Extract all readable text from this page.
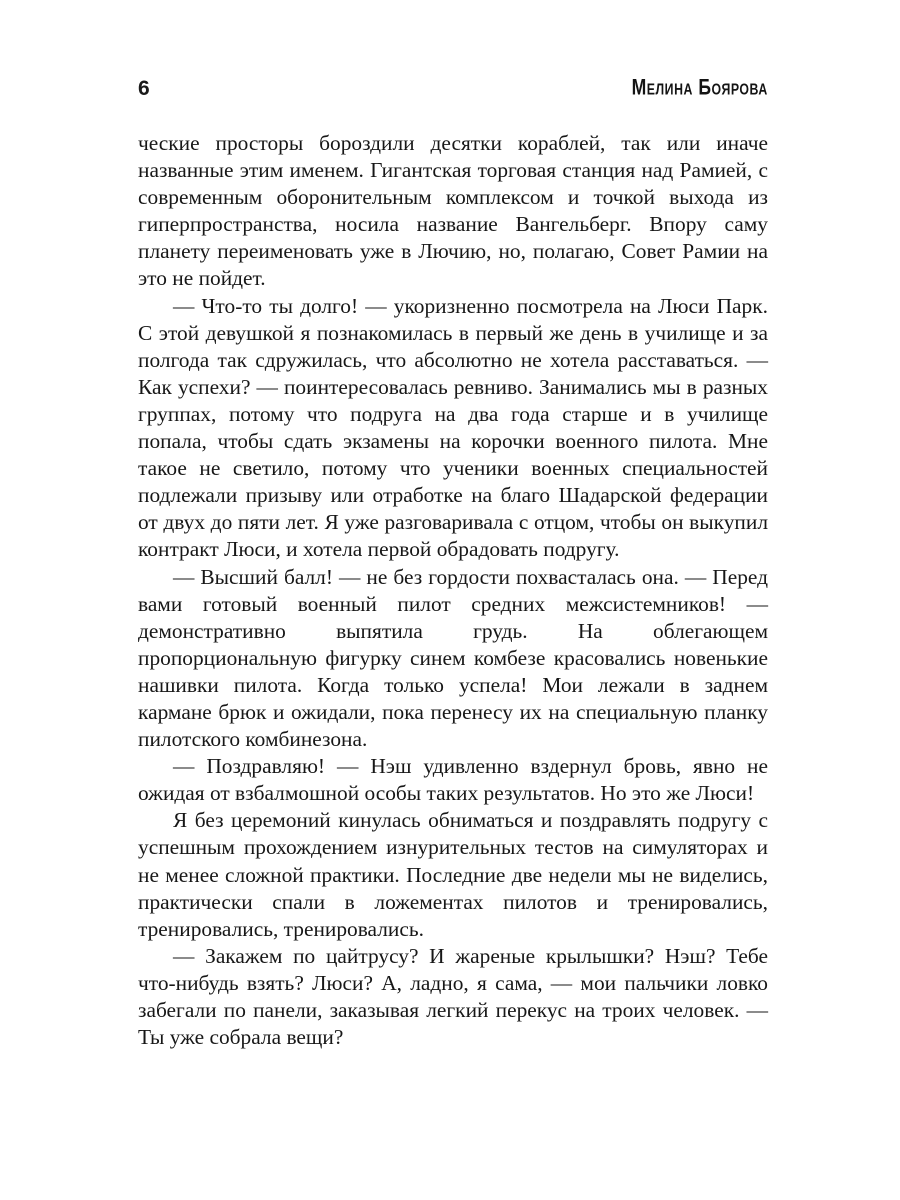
6	Мелина Боярова

ческие просторы бороздили десятки кораблей, так или иначе названные этим именем. Гигантская торговая станция над Рамией, с современным оборонительным комплексом и точкой выхода из гиперпространства, носила название Вангельберг. Впору саму планету переименовать уже в Лючию, но, полагаю, Совет Рамии на это не пойдет.

— Что-то ты долго! — укоризненно посмотрела на Люси Парк. С этой девушкой я познакомилась в первый же день в училище и за полгода так сдружилась, что абсолютно не хотела расставаться. — Как успехи? — поинтересовалась ревниво. Занимались мы в разных группах, потому что подруга на два года старше и в училище попала, чтобы сдать экзамены на корочки военного пилота. Мне такое не светило, потому что ученики военных специальностей подлежали призыву или отработке на благо Шадарской федерации от двух до пяти лет. Я уже разговаривала с отцом, чтобы он выкупил контракт Люси, и хотела первой обрадовать подругу.

— Высший балл! — не без гордости похвасталась она. — Перед вами готовый военный пилот средних межсистемников! — демонстративно выпятила грудь. На облегающем пропорциональную фигурку синем комбезе красовались новенькие нашивки пилота. Когда только успела! Мои лежали в заднем кармане брюк и ожидали, пока перенесу их на специальную планку пилотского комбинезона.

— Поздравляю! — Нэш удивленно вздернул бровь, явно не ожидая от взбалмошной особы таких результатов. Но это же Люси!

Я без церемоний кинулась обниматься и поздравлять подругу с успешным прохождением изнурительных тестов на симуляторах и не менее сложной практики. Последние две недели мы не виделись, практически спали в ложементах пилотов и тренировались, тренировались, тренировались.

— Закажем по цайтрусу? И жареные крылышки? Нэш? Тебе что-нибудь взять? Люси? А, ладно, я сама, — мои пальчики ловко забегали по панели, заказывая легкий перекус на троих человек. — Ты уже собрала вещи?
